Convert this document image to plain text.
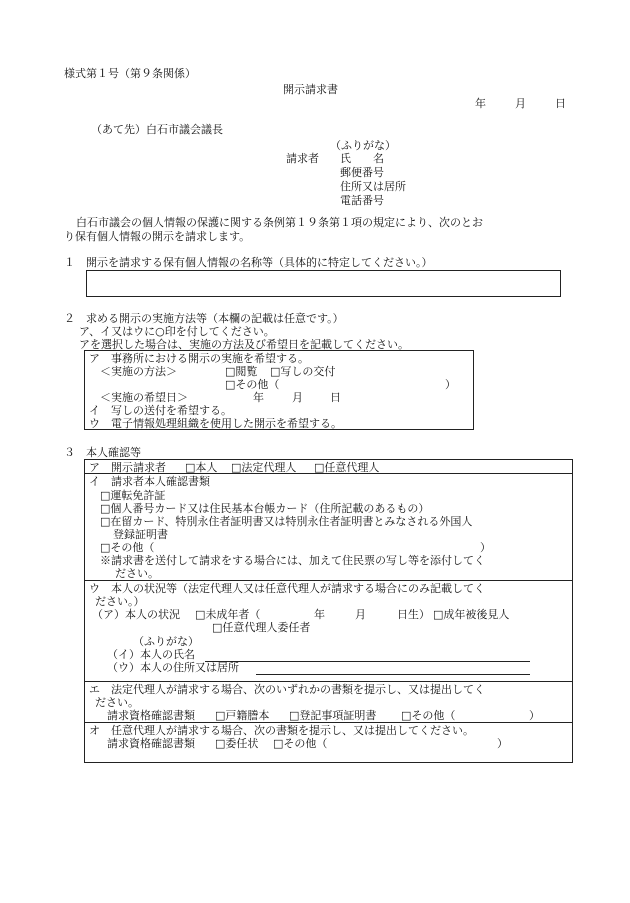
様式第１号（第９条関係）
開示請求書
年	月	日
（あて先）白石市議会議長
（ふりがな）
請求者 氏　　名
郵便番号
住所又は居所
電話番号
白石市議会の個人情報の保護に関する条例第１９条第１項の規定により、次のとお
り保有個人情報の開示を請求します。
１　開示を請求する保有個人情報の名称等（具体的に特定してください。）
２　求める開示の実施方法等（本欄の記載は任意です。）
ア、イ又はウに○印を付してください。
アを選択した場合は、実施の方法及び希望日を記載してください。
ア　事務所における開示の実施を希望する。
＜実施の方法＞	□閲覧 □写しの交付
□その他（	）
＜実施の希望日＞	年	月 日
イ　写しの送付を希望する。
ウ　電子情報処理組織を使用した開示を希望する。
３　本人確認等
ア　開示請求者 □本人 □法定代理人 □任意代理人
イ　請求者本人確認書類
□運転免許証
□個人番号カード又は住民基本台帳カード（住所記載のあるもの）
□在留カード、特別永住者証明書又は特別永住者証明書とみなされる外国人
登録証明書
□その他（	）
※請求書を送付して請求をする場合には、加えて住民票の写し等を添付してく
ださい。
ウ　本人の状況等（法定代理人又は任意代理人が請求する場合にのみ記載してく
ださい。）
（ア）本人の状況 □未成年者（	年	月	日生） □成年被後見人
□任意代理人委任者
（ふりがな）
（イ）本人の氏名
（ウ）本人の住所又は居所
エ　法定代理人が請求する場合、次のいずれかの書類を提示し、又は提出してく
ださい。
請求資格確認書類 □戸籍謄本 □登記事項証明書 □その他（	）
オ　任意代理人が請求する場合、次の書類を提示し、又は提出してください。
請求資格確認書類 □委任状 □その他（	）
